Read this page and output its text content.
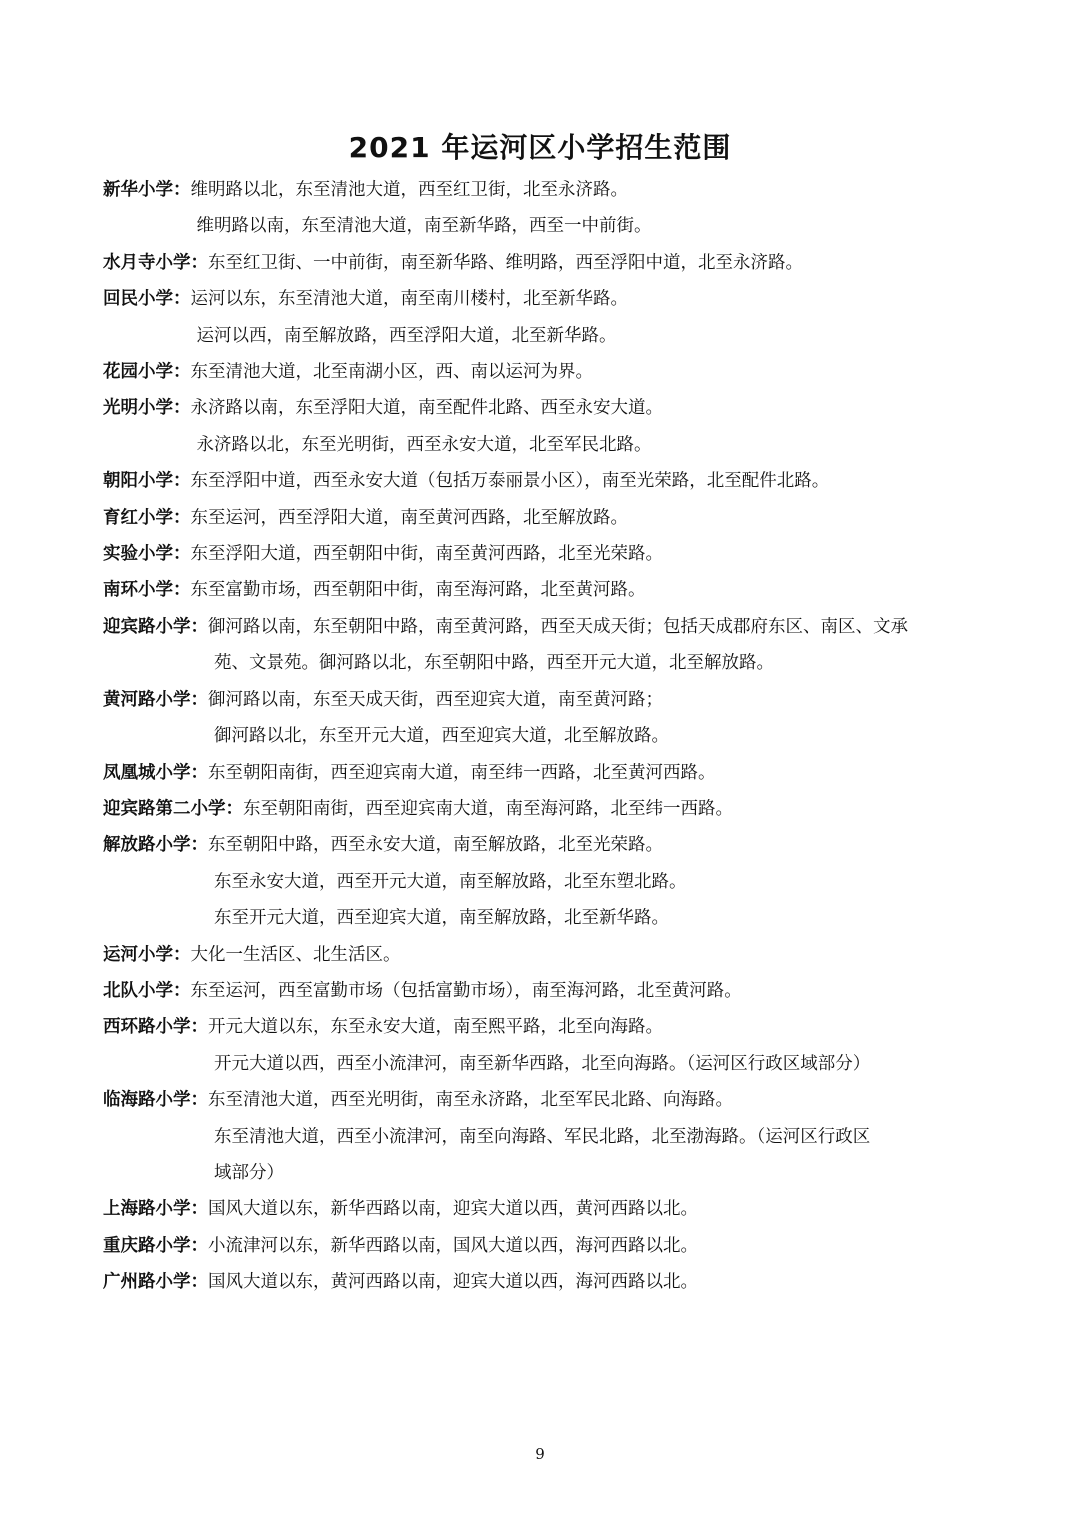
2021 年运河区小学招生范围
新华小学： 维明路以北，东至清池大道，西至红卫街，北至永济路。
维明路以南，东至清池大道，南至新华路，西至一中前街。
水月寺小学： 东至红卫街、一中前街，南至新华路、维明路，西至浮阳中道，北至永济路。
回民小学： 运河以东，东至清池大道，南至南川楼村，北至新华路。
运河以西，南至解放路，西至浮阳大道，北至新华路。
花园小学： 东至清池大道，北至南湖小区，西、南以运河为界。
光明小学： 永济路以南，东至浮阳大道，南至配件北路、西至永安大道。
永济路以北，东至光明街，西至永安大道，北至军民北路。
朝阳小学： 东至浮阳中道，西至永安大道（包括万泰丽景小区），南至光荣路，北至配件北路。
育红小学： 东至运河，西至浮阳大道，南至黄河西路，北至解放路。
实验小学： 东至浮阳大道，西至朝阳中街，南至黄河西路，北至光荣路。
南环小学： 东至富勤市场，西至朝阳中街，南至海河路，北至黄河路。
迎宾路小学： 御河路以南，东至朝阳中路，南至黄河路，西至天成天街；包括天成郡府东区、南区、文承
苑、文景苑。御河路以北，东至朝阳中路，西至开元大道，北至解放路。
黄河路小学： 御河路以南，东至天成天街，西至迎宾大道，南至黄河路；
御河路以北，东至开元大道，西至迎宾大道，北至解放路。
凤凰城小学： 东至朝阳南街，西至迎宾南大道，南至纬一西路，北至黄河西路。
迎宾路第二小学： 东至朝阳南街，西至迎宾南大道，南至海河路，北至纬一西路。
解放路小学： 东至朝阳中路，西至永安大道，南至解放路，北至光荣路。
东至永安大道，西至开元大道，南至解放路，北至东塑北路。
东至开元大道，西至迎宾大道，南至解放路，北至新华路。
运河小学： 大化一生活区、北生活区。
北队小学： 东至运河，西至富勤市场（包括富勤市场），南至海河路，北至黄河路。
西环路小学： 开元大道以东，东至永安大道，南至熙平路，北至向海路。
开元大道以西，西至小流津河，南至新华西路，北至向海路。（运河区行政区域部分）
临海路小学： 东至清池大道，西至光明街，南至永济路，北至军民北路、向海路。
东至清池大道，西至小流津河，南至向海路、军民北路，北至渤海路。（运河区行政区
域部分）
上海路小学： 国风大道以东，新华西路以南，迎宾大道以西，黄河西路以北。
重庆路小学： 小流津河以东，新华西路以南，国风大道以西，海河西路以北。
广州路小学： 国风大道以东，黄河西路以南，迎宾大道以西，海河西路以北。
9
